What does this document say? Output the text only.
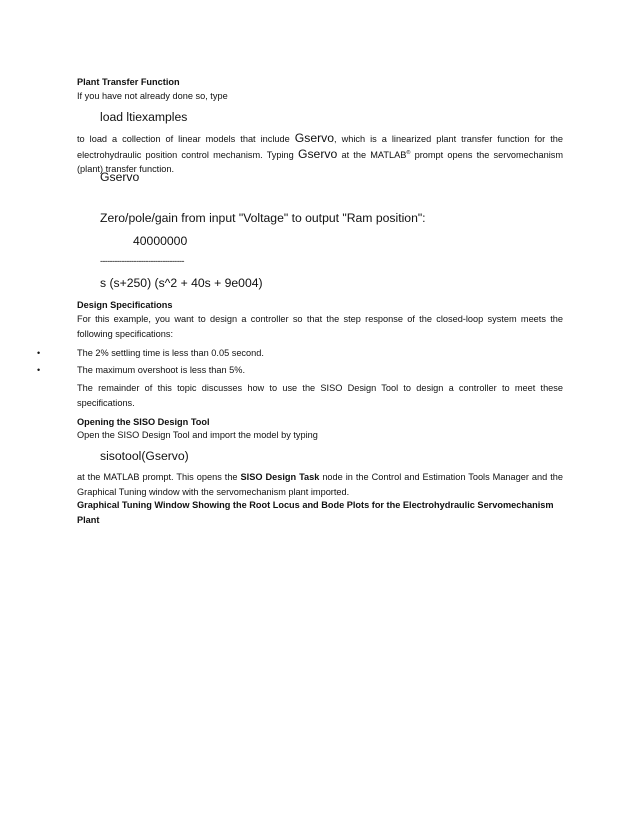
Plant Transfer Function

If you have not already done so, type

load ltiexamples

to load a collection of linear models that include Gservo, which is a linearized plant transfer function for the electrohydraulic position control mechanism. Typing Gservo at the MATLAB® prompt opens the servomechanism (plant) transfer function.

Gservo

Zero/pole/gain from input "Voltage" to output "Ram position":

40000000

-----------------------------------

s (s+250) (s^2 + 40s + 9e004)

Design Specifications

For this example, you want to design a controller so that the step response of the closed-loop system meets the following specifications:

•	The 2% settling time is less than 0.05 second.

•	The maximum overshoot is less than 5%.

The remainder of this topic discusses how to use the SISO Design Tool to design a controller to meet these specifications.

Opening the SISO Design Tool

Open the SISO Design Tool and import the model by typing

sisotool(Gservo)

at the MATLAB prompt. This opens the SISO Design Task node in the Control and Estimation Tools Manager and the Graphical Tuning window with the servomechanism plant imported.

Graphical Tuning Window Showing the Root Locus and Bode Plots for the Electrohydraulic Servomechanism Plant
